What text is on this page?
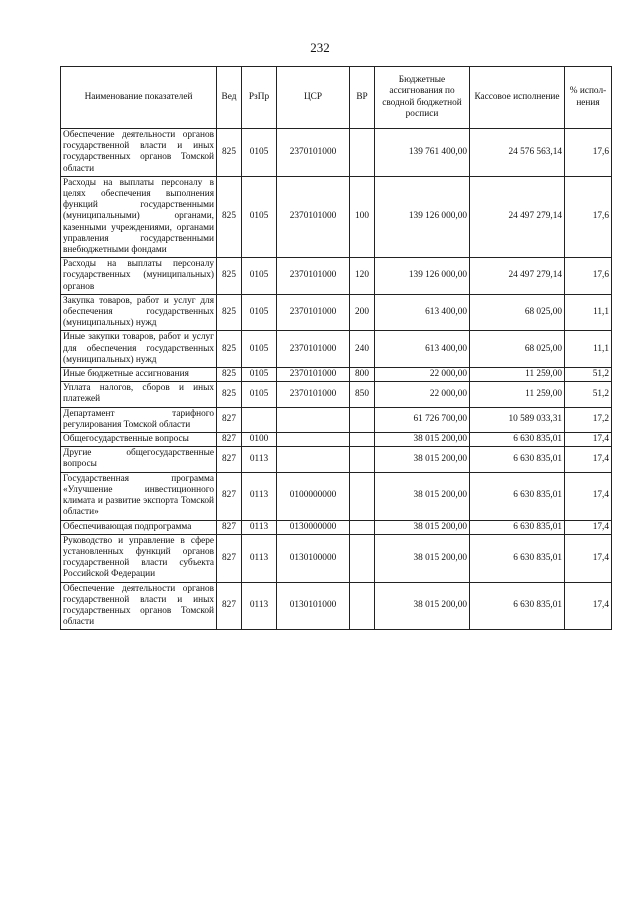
232
Наименование показателей	Вед	РзПр	ЦСР	ВР	Бюджетные ассигнования по сводной бюджетной росписи	Кассовое исполнение	% испол-нения
Обеспечение деятельности органов государственной власти и иных государственных органов Томской области	825	0105	2370101000		139 761 400,00	24 576 563,14	17,6
Расходы на выплаты персоналу в целях обеспечения выполнения функций государственными (муниципальными) органами, казенными учреждениями, органами управления государственными внебюджетными фондами	825	0105	2370101000	100	139 126 000,00	24 497 279,14	17,6
Расходы на выплаты персоналу государственных (муниципальных) органов	825	0105	2370101000	120	139 126 000,00	24 497 279,14	17,6
Закупка товаров, работ и услуг для обеспечения государственных (муниципальных) нужд	825	0105	2370101000	200	613 400,00	68 025,00	11,1
Иные закупки товаров, работ и услуг для обеспечения государственных (муниципальных) нужд	825	0105	2370101000	240	613 400,00	68 025,00	11,1
Иные бюджетные ассигнования	825	0105	2370101000	800	22 000,00	11 259,00	51,2
Уплата налогов, сборов и иных платежей	825	0105	2370101000	850	22 000,00	11 259,00	51,2
Департамент тарифного регулирования Томской области	827				61 726 700,00	10 589 033,31	17,2
Общегосударственные вопросы	827	0100			38 015 200,00	6 630 835,01	17,4
Другие общегосударственные вопросы	827	0113			38 015 200,00	6 630 835,01	17,4
Государственная программа «Улучшение инвестиционного климата и развитие экспорта Томской области»	827	0113	0100000000		38 015 200,00	6 630 835,01	17,4
Обеспечивающая подпрограмма	827	0113	0130000000		38 015 200,00	6 630 835,01	17,4
Руководство и управление в сфере установленных функций органов государственной власти субъекта Российской Федерации	827	0113	0130100000		38 015 200,00	6 630 835,01	17,4
Обеспечение деятельности органов государственной власти и иных государственных органов Томской области	827	0113	0130101000		38 015 200,00	6 630 835,01	17,4
